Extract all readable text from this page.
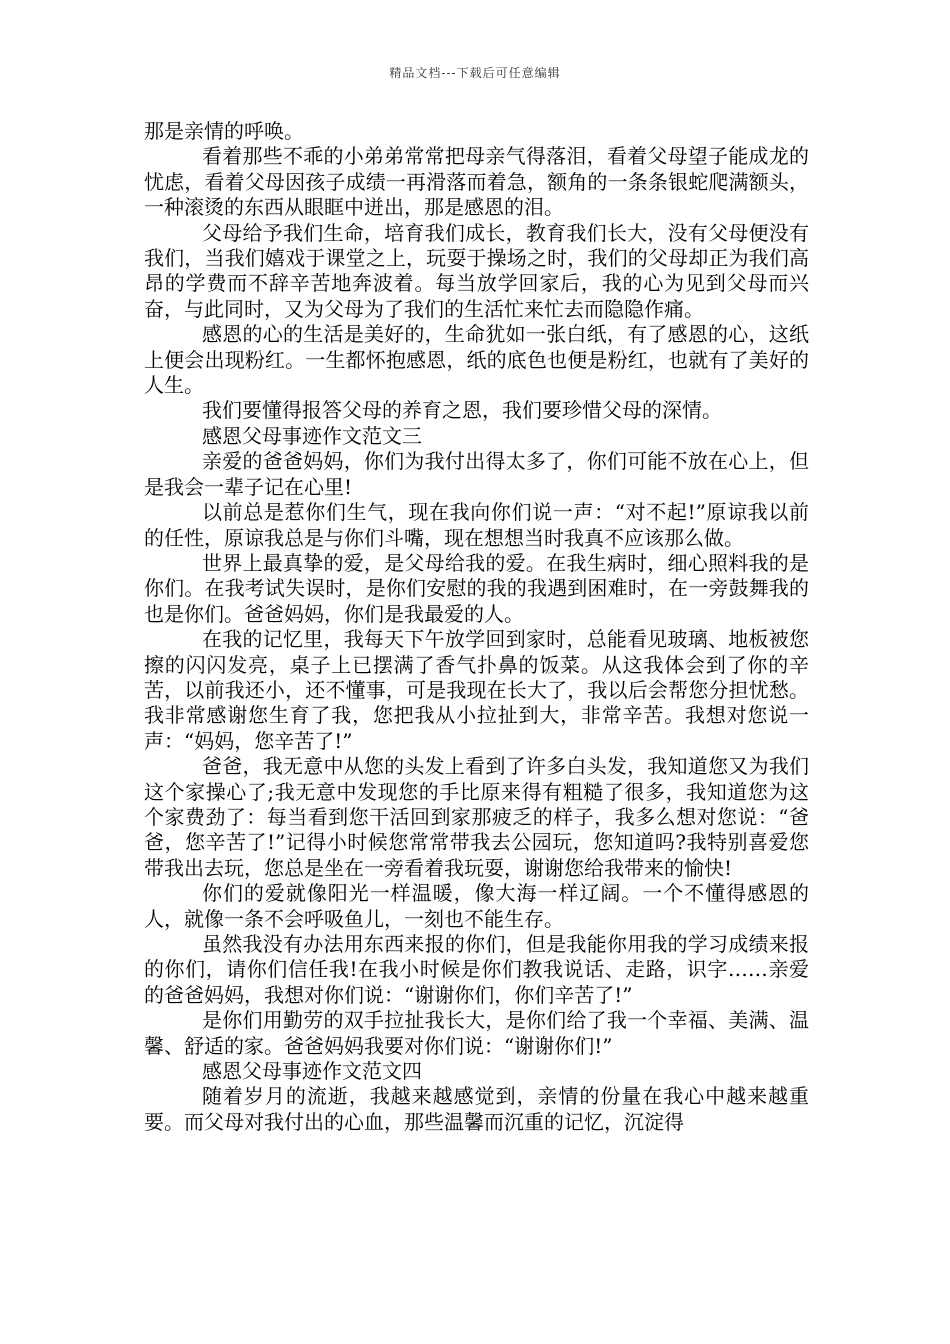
精品文档---下载后可任意编辑

那是亲情的呼唤。

看着那些不乖的小弟弟常常把母亲气得落泪，看着父母望子能成龙的忧虑，看着父母因孩子成绩一再滑落而着急，额角的一条条银蛇爬满额头，一种滚烫的东西从眼眶中迸出，那是感恩的泪。

父母给予我们生命，培育我们成长，教育我们长大，没有父母便没有我们，当我们嬉戏于课堂之上，玩耍于操场之时，我们的父母却正为我们高昂的学费而不辞辛苦地奔波着。每当放学回家后，我的心为见到父母而兴奋，与此同时，又为父母为了我们的生活忙来忙去而隐隐作痛。

感恩的心的生活是美好的，生命犹如一张白纸，有了感恩的心，这纸上便会出现粉红。一生都怀抱感恩，纸的底色也便是粉红，也就有了美好的人生。

我们要懂得报答父母的养育之恩，我们要珍惜父母的深情。

感恩父母事迹作文范文三

亲爱的爸爸妈妈，你们为我付出得太多了，你们可能不放在心上，但是我会一辈子记在心里!

以前总是惹你们生气，现在我向你们说一声：“对不起!”原谅我以前的任性，原谅我总是与你们斗嘴，现在想想当时我真不应该那么做。

世界上最真挚的爱，是父母给我的爱。在我生病时，细心照料我的是你们。在我考试失误时，是你们安慰的我的我遇到困难时，在一旁鼓舞我的也是你们。爸爸妈妈，你们是我最爱的人。

在我的记忆里，我每天下午放学回到家时，总能看见玻璃、地板被您擦的闪闪发亮，桌子上已摆满了香气扑鼻的饭菜。从这我体会到了你的辛苦，以前我还小，还不懂事，可是我现在长大了，我以后会帮您分担忧愁。我非常感谢您生育了我，您把我从小拉扯到大，非常辛苦。我想对您说一声：“妈妈，您辛苦了!”

爸爸，我无意中从您的头发上看到了许多白头发，我知道您又为我们这个家操心了;我无意中发现您的手比原来得有粗糙了很多，我知道您为这个家费劲了：每当看到您干活回到家那疲乏的样子，我多么想对您说：“爸爸，您辛苦了!”记得小时候您常常带我去公园玩，您知道吗?我特别喜爱您带我出去玩，您总是坐在一旁看着我玩耍，谢谢您给我带来的愉快!

你们的爱就像阳光一样温暖，像大海一样辽阔。一个不懂得感恩的人，就像一条不会呼吸鱼儿，一刻也不能生存。

虽然我没有办法用东西来报的你们，但是我能你用我的学习成绩来报的你们，请你们信任我!在我小时候是你们教我说话、走路，识字……亲爱的爸爸妈妈，我想对你们说：“谢谢你们，你们辛苦了!”

是你们用勤劳的双手拉扯我长大，是你们给了我一个幸福、美满、温馨、舒适的家。爸爸妈妈我要对你们说：“谢谢你们!”

感恩父母事迹作文范文四

随着岁月的流逝，我越来越感觉到，亲情的份量在我心中越来越重要。而父母对我付出的心血，那些温馨而沉重的记忆，沉淀得
